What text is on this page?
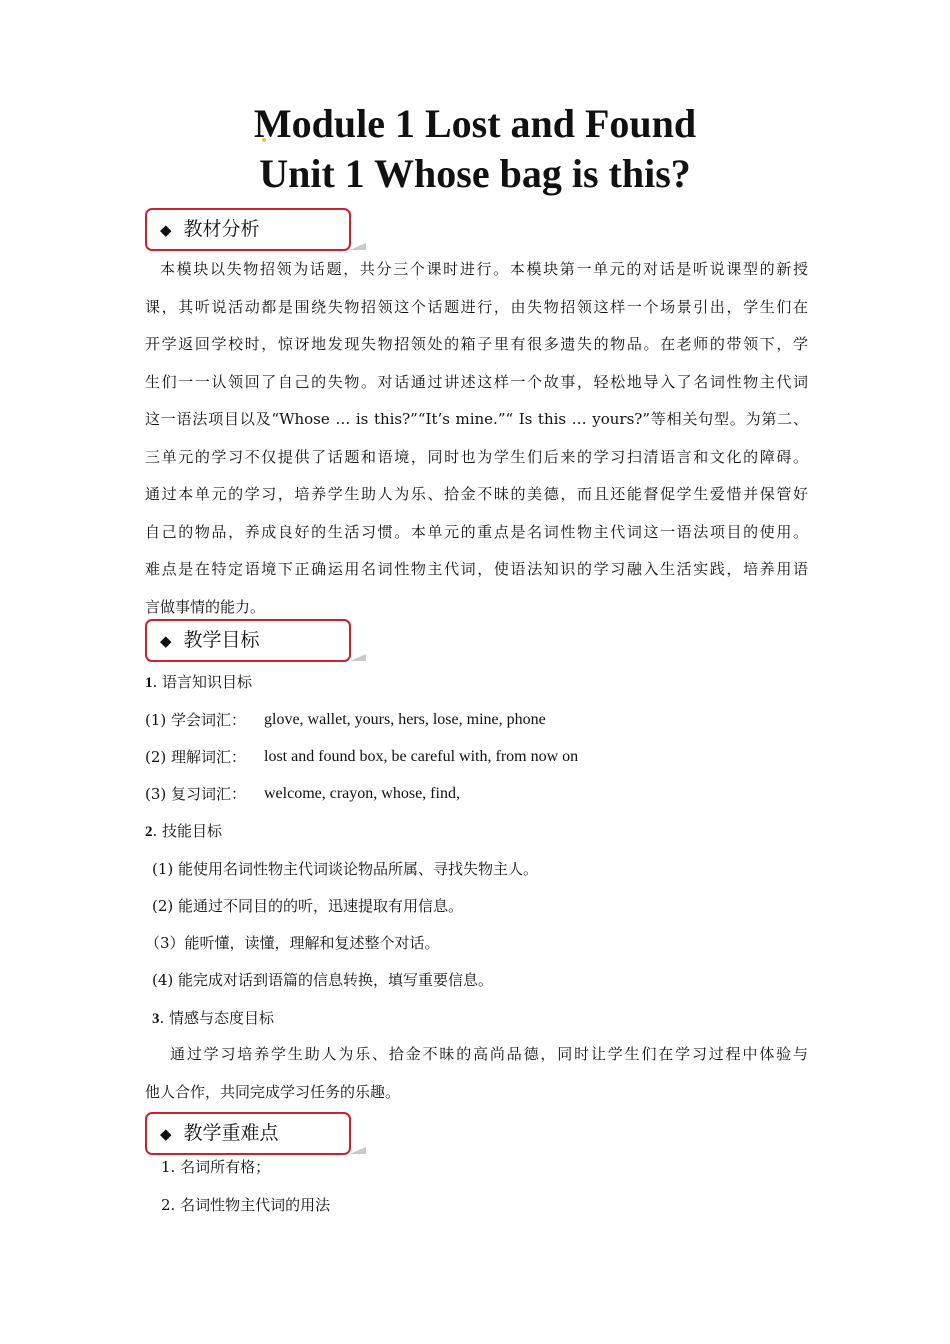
Module 1 Lost and Found
Unit 1 Whose bag is this?
◆ 教材分析
本模块以失物招领为话题，共分三个课时进行。本模块第一单元的对话是听说课型的新授
课，其听说活动都是围绕失物招领这个话题进行，由失物招领这样一个场景引出，学生们在
开学返回学校时，惊讶地发现失物招领处的箱子里有很多遗失的物品。在老师的带领下，学
生们一一认领回了自己的失物。对话通过讲述这样一个故事，轻松地导入了名词性物主代词
这一语法项目以及“Whose … is this?”“It’s mine.”“ Is this … yours?”等相关句型。为第二、
三单元的学习不仅提供了话题和语境，同时也为学生们后来的学习扫清语言和文化的障碍。
通过本单元的学习，培养学生助人为乐、拾金不昧的美德，而且还能督促学生爱惜并保管好
自己的物品，养成良好的生活习惯。本单元的重点是名词性物主代词这一语法项目的使用。
难点是在特定语境下正确运用名词性物主代词，使语法知识的学习融入生活实践，培养用语
言做事情的能力。
◆ 教学目标
1. 语言知识目标
(1) 学会词汇： glove, wallet, yours, hers, lose, mine, phone
(2) 理解词汇： lost and found box, be careful with, from now on
(3) 复习词汇： welcome, crayon, whose, find,
2. 技能目标
(1) 能使用名词性物主代词谈论物品所属、寻找失物主人。
(2) 能通过不同目的的听，迅速提取有用信息。
（3）能听懂，读懂，理解和复述整个对话。
(4) 能完成对话到语篇的信息转换，填写重要信息。
3. 情感与态度目标
通过学习培养学生助人为乐、拾金不昧的高尚品德，同时让学生们在学习过程中体验与
他人合作，共同完成学习任务的乐趣。
◆ 教学重难点
1. 名词所有格；
2. 名词性物主代词的用法
